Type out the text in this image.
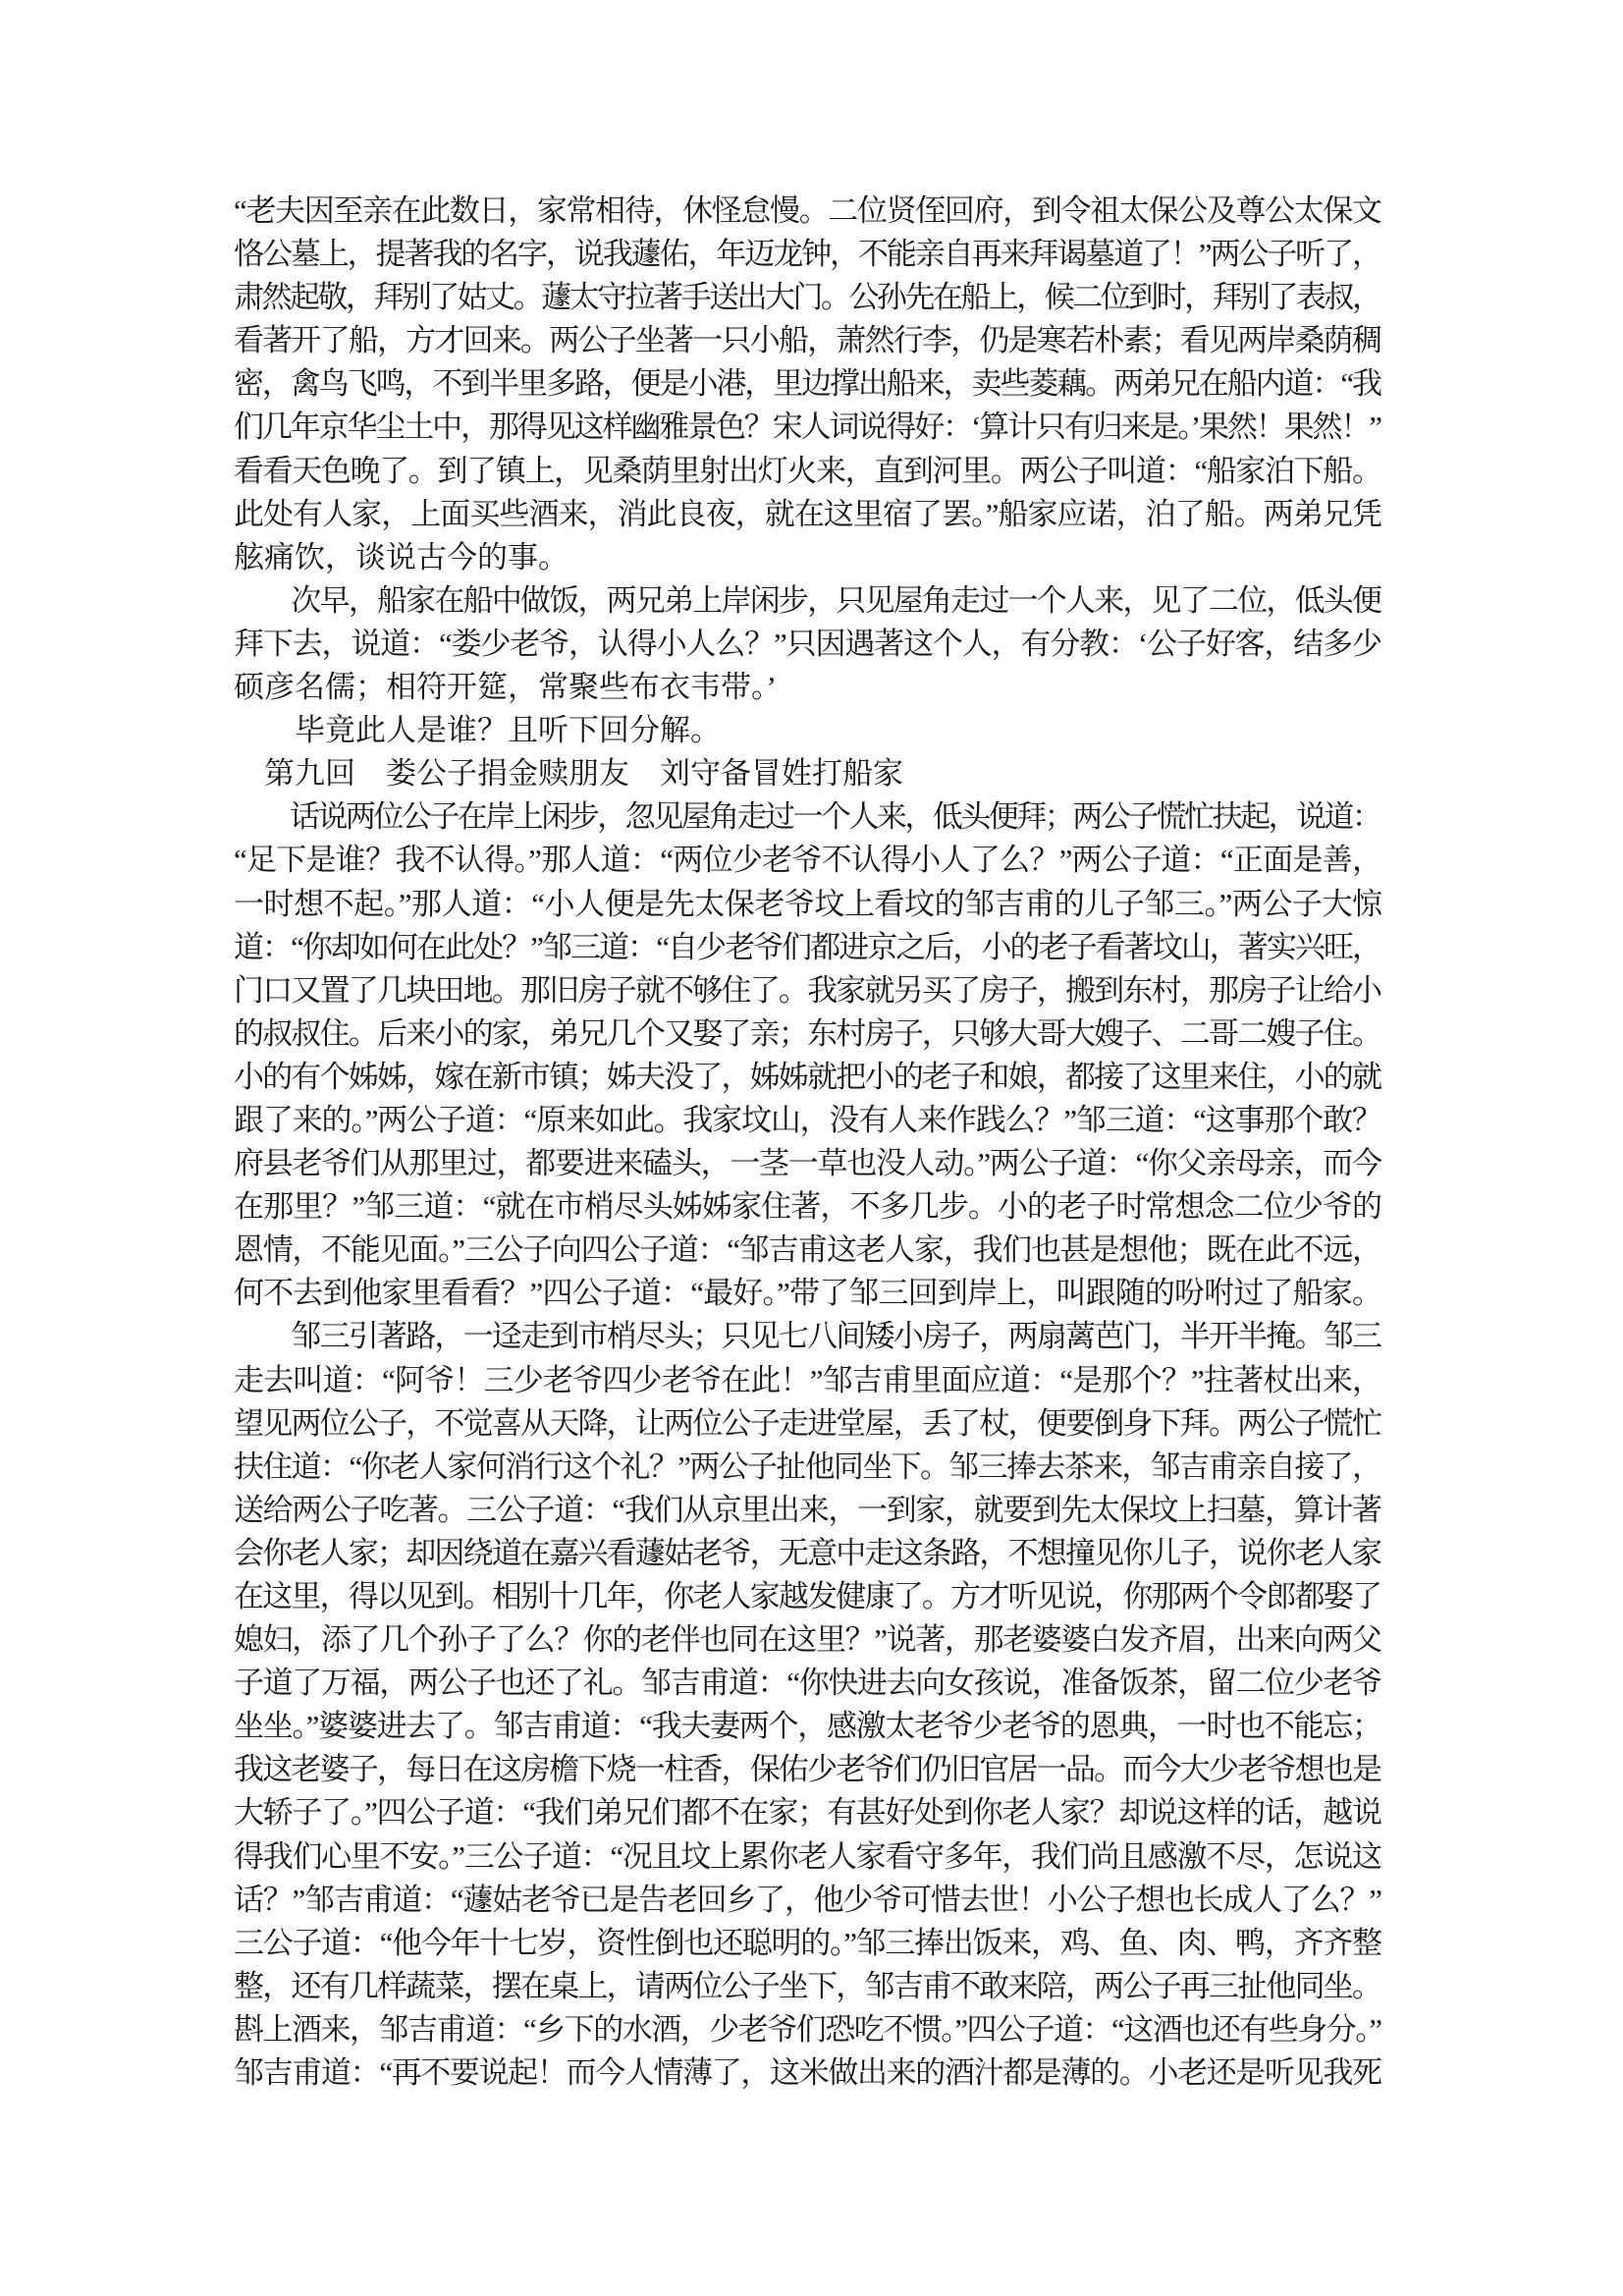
“老夫因至亲在此数日，家常相待，休怪怠慢。二位贤侄回府，到令祖太保公及尊公太保文
恪公墓上，提著我的名字，说我蘧佑，年迈龙钟，不能亲自再来拜谒墓道了！”两公子听了，
肃然起敬，拜别了姑丈。蘧太守拉著手送出大门。公孙先在船上，候二位到时，拜别了表叔，
看著开了船，方才回来。两公子坐著一只小船，萧然行李，仍是寒若朴素；看见两岸桑荫稠
密，禽鸟飞鸣，不到半里多路，便是小港，里边撑出船来，卖些菱藕。两弟兄在船内道：“我
们几年京华尘土中，那得见这样幽雅景色？宋人词说得好：‘算计只有归来是。’果然！果然！”
看看天色晚了。到了镇上，见桑荫里射出灯火来，直到河里。两公子叫道：“船家泊下船。
此处有人家，上面买些酒来，消此良夜，就在这里宿了罢。”船家应诺，泊了船。两弟兄凭
舷痛饮，谈说古今的事。
　　次早，船家在船中做饭，两兄弟上岸闲步，只见屋角走过一个人来，见了二位，低头便
拜下去，说道：“娄少老爷，认得小人么？”只因遇著这个人，有分教：‘公子好客，结多少
硕彦名儒；相符开筵，常聚些布衣韦带。’
　　毕竟此人是谁？且听下回分解。
　第九回　娄公子捐金赎朋友　刘守备冒姓打船家
　　话说两位公子在岸上闲步，忽见屋角走过一个人来，低头便拜；两公子慌忙扶起，说道：
“足下是谁？我不认得。”那人道：“两位少老爷不认得小人了么？”两公子道：“正面是善，
一时想不起。”那人道：“小人便是先太保老爷坟上看坟的邹吉甫的儿子邹三。”两公子大惊
道：“你却如何在此处？”邹三道：“自少老爷们都进京之后，小的老子看著坟山，著实兴旺，
门口又置了几块田地。那旧房子就不够住了。我家就另买了房子，搬到东村，那房子让给小
的叔叔住。后来小的家，弟兄几个又娶了亲；东村房子，只够大哥大嫂子、二哥二嫂子住。
小的有个姊姊，嫁在新市镇；姊夫没了，姊姊就把小的老子和娘，都接了这里来住，小的就
跟了来的。”两公子道：“原来如此。我家坟山，没有人来作践么？”邹三道：“这事那个敢？
府县老爷们从那里过，都要进来磕头，一茎一草也没人动。”两公子道：“你父亲母亲，而今
在那里？”邹三道：“就在市梢尽头姊姊家住著，不多几步。小的老子时常想念二位少爷的
恩情，不能见面。”三公子向四公子道：“邹吉甫这老人家，我们也甚是想他；既在此不远，
何不去到他家里看看？”四公子道：“最好。”带了邹三回到岸上，叫跟随的吩咐过了船家。
　　邹三引著路，一迳走到市梢尽头；只见七八间矮小房子，两扇蓠芭门，半开半掩。邹三
走去叫道：“阿爷！三少老爷四少老爷在此！”邹吉甫里面应道：“是那个？”拄著杖出来，
望见两位公子，不觉喜从天降，让两位公子走进堂屋，丢了杖，便要倒身下拜。两公子慌忙
扶住道：“你老人家何消行这个礼？”两公子扯他同坐下。邹三捧去茶来，邹吉甫亲自接了，
送给两公子吃著。三公子道：“我们从京里出来，一到家，就要到先太保坟上扫墓，算计著
会你老人家；却因绕道在嘉兴看蘧姑老爷，无意中走这条路，不想撞见你儿子，说你老人家
在这里，得以见到。相别十几年，你老人家越发健康了。方才听见说，你那两个令郎都娶了
媳妇，添了几个孙子了么？你的老伴也同在这里？”说著，那老婆婆白发齐眉，出来向两父
子道了万福，两公子也还了礼。邹吉甫道：“你快进去向女孩说，准备饭茶，留二位少老爷
坐坐。”婆婆进去了。邹吉甫道：“我夫妻两个，感激太老爷少老爷的恩典，一时也不能忘；
我这老婆子，每日在这房檐下烧一柱香，保佑少老爷们仍旧官居一品。而今大少老爷想也是
大轿子了。”四公子道：“我们弟兄们都不在家；有甚好处到你老人家？却说这样的话，越说
得我们心里不安。”三公子道：“况且坟上累你老人家看守多年，我们尚且感激不尽，怎说这
话？”邹吉甫道：“蘧姑老爷已是告老回乡了，他少爷可惜去世！小公子想也长成人了么？”
三公子道：“他今年十七岁，资性倒也还聪明的。”邹三捧出饭来，鸡、鱼、肉、鸭，齐齐整
整，还有几样蔬菜，摆在桌上，请两位公子坐下，邹吉甫不敢来陪，两公子再三扯他同坐。
斟上酒来，邹吉甫道：“乡下的水酒，少老爷们恐吃不惯。”四公子道：“这酒也还有些身分。”
邹吉甫道：“再不要说起！而今人情薄了，这米做出来的酒汁都是薄的。小老还是听见我死
